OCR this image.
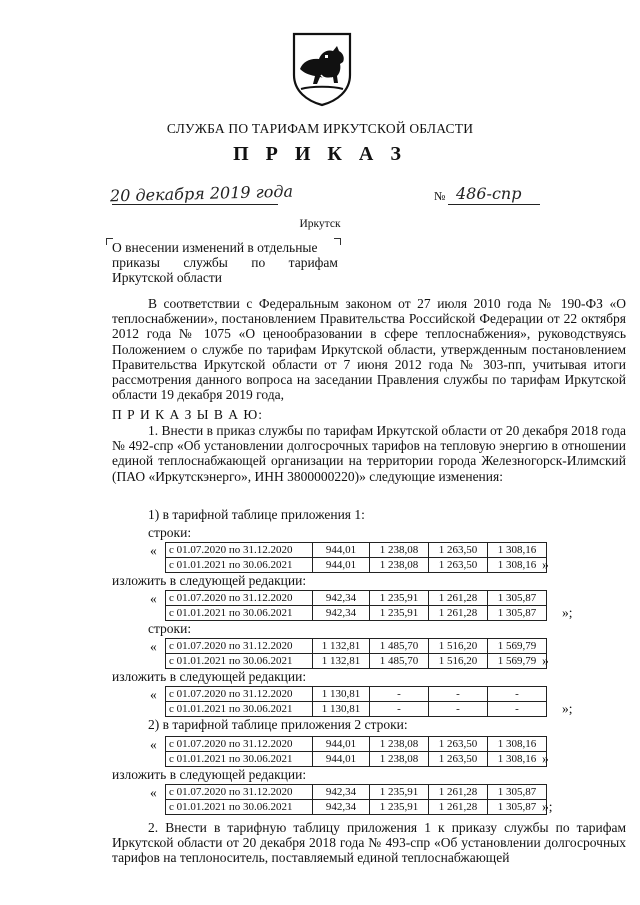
СЛУЖБА ПО ТАРИФАМ ИРКУТСКОЙ ОБЛАСТИ
П Р И К А З
20 декабря 2019 года	№ 486-спр
Иркутск
О внесении изменений в отдельные
приказы службы по тарифам
Иркутской области
В соответствии с Федеральным законом от 27 июля 2010 года № 190-ФЗ «О теплоснабжении», постановлением Правительства Российской Федерации от 22 октября 2012 года № 1075 «О ценообразовании в сфере теплоснабжения», руководствуясь Положением о службе по тарифам Иркутской области, утвержденным постановлением Правительства Иркутской области от 7 июня 2012 года № 303-пп, учитывая итоги рассмотрения данного вопроса на заседании Правления службы по тарифам Иркутской области 19 декабря 2019 года,
П Р И К А З Ы В А Ю:
1. Внести в приказ службы по тарифам Иркутской области от 20 декабря 2018 года № 492-спр «Об установлении долгосрочных тарифов на тепловую энергию в отношении единой теплоснабжающей организации на территории города Железногорск-Илимский (ПАО «Иркутскэнерго», ИНН 3800000220)» следующие изменения:
1) в тарифной таблице приложения 1:
строки:
« с 01.07.2020 по 31.12.2020	944,01	1 238,08	1 263,50	1 308,16
с 01.01.2021 по 30.06.2021	944,01	1 238,08	1 263,50	1 308,16 »
изложить в следующей редакции:
« с 01.07.2020 по 31.12.2020	942,34	1 235,91	1 261,28	1 305,87
с 01.01.2021 по 30.06.2021	942,34	1 235,91	1 261,28	1 305,87 »;
строки:
« с 01.07.2020 по 31.12.2020	1 132,81	1 485,70	1 516,20	1 569,79
с 01.01.2021 по 30.06.2021	1 132,81	1 485,70	1 516,20	1 569,79 »
изложить в следующей редакции:
« с 01.07.2020 по 31.12.2020	1 130,81	-	-	-
с 01.01.2021 по 30.06.2021	1 130,81	-	-	-	»;
2) в тарифной таблице приложения 2 строки:
« с 01.07.2020 по 31.12.2020	944,01	1 238,08	1 263,50	1 308,16
с 01.01.2021 по 30.06.2021	944,01	1 238,08	1 263,50	1 308,16 »
изложить в следующей редакции:
« с 01.07.2020 по 31.12.2020	942,34	1 235,91	1 261,28	1 305,87
с 01.01.2021 по 30.06.2021	942,34	1 235,91	1 261,28	1 305,87 »;
2. Внести в тарифную таблицу приложения 1 к приказу службы по тарифам Иркутской области от 20 декабря 2018 года № 493-спр «Об установлении долгосрочных тарифов на теплоноситель, поставляемый единой теплоснабжающей
